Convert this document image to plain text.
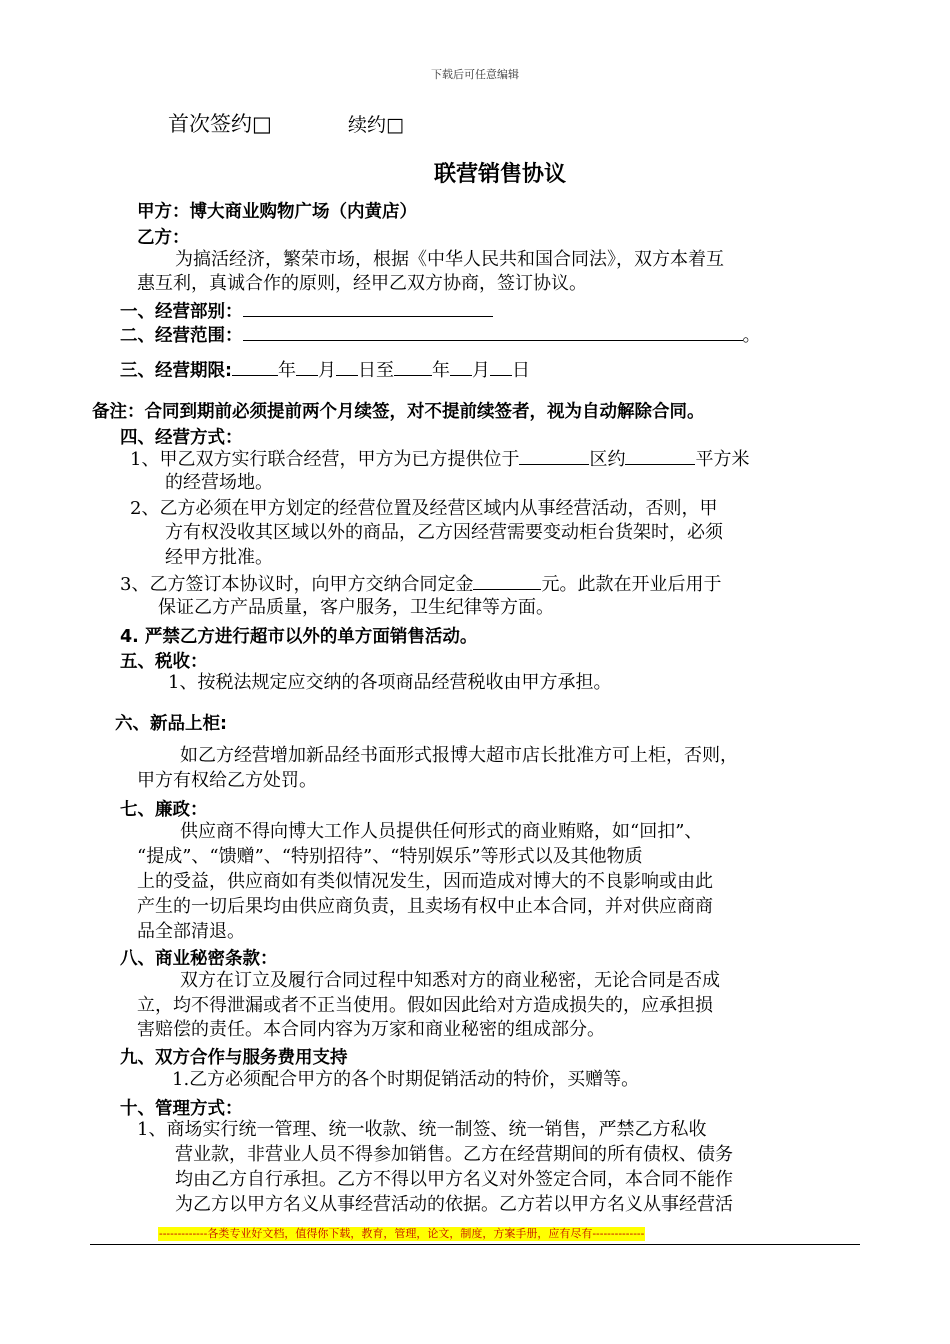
下载后可任意编辑
首次签约□	续约□
联营销售协议
甲方：博大商业购物广场（内黄店）
乙方：
为搞活经济，繁荣市场，根据《中华人民共和国合同法》，双方本着互
惠互利，真诚合作的原则，经甲乙双方协商，签订协议。
一、经营部别：
二、经营范围：	。
三、经营期限:	年 月 日至 年 月 日
备注：合同到期前必须提前两个月续签，对不提前续签者，视为自动解除合同。
四、经营方式：
1、甲乙双方实行联合经营，甲方为已方提供位于	区约	平方米
的经营场地。
2、乙方必须在甲方划定的经营位置及经营区域内从事经营活动，否则，甲
方有权没收其区域以外的商品，乙方因经营需要变动柜台货架时，必须
经甲方批准。
3、乙方签订本协议时，向甲方交纳合同定金	元。此款在开业后用于
保证乙方产品质量，客户服务，卫生纪律等方面。
4. 严禁乙方进行超市以外的单方面销售活动。
五、税收：
1、按税法规定应交纳的各项商品经营税收由甲方承担。
六、新品上柜:
如乙方经营增加新品经书面形式报博大超市店长批准方可上柜，否则，
甲方有权给乙方处罚。
七、廉政：
供应商不得向博大工作人员提供任何形式的商业贿赂，如“回扣”、
“提成”、“馈赠”、“特别招待”、“特别娱乐”等形式以及其他物质
上的受益，供应商如有类似情况发生，因而造成对博大的不良影响或由此
产生的一切后果均由供应商负责，且卖场有权中止本合同，并对供应商商
品全部清退。
八、商业秘密条款：
双方在订立及履行合同过程中知悉对方的商业秘密，无论合同是否成
立，均不得泄漏或者不正当使用。假如因此给对方造成损失的，应承担损
害赔偿的责任。本合同内容为万家和商业秘密的组成部分。
九、双方合作与服务费用支持
1.乙方必须配合甲方的各个时期促销活动的特价，买赠等。
十、管理方式：
1、商场实行统一管理、统一收款、统一制签、统一销售，严禁乙方私收
营业款，非营业人员不得参加销售。乙方在经营期间的所有债权、债务
均由乙方自行承担。乙方不得以甲方名义对外签定合同，本合同不能作
为乙方以甲方名义从事经营活动的依据。乙方若以甲方名义从事经营活
-------------各类专业好文档，值得你下载，教育，管理，论文，制度，方案手册，应有尽有--------------
